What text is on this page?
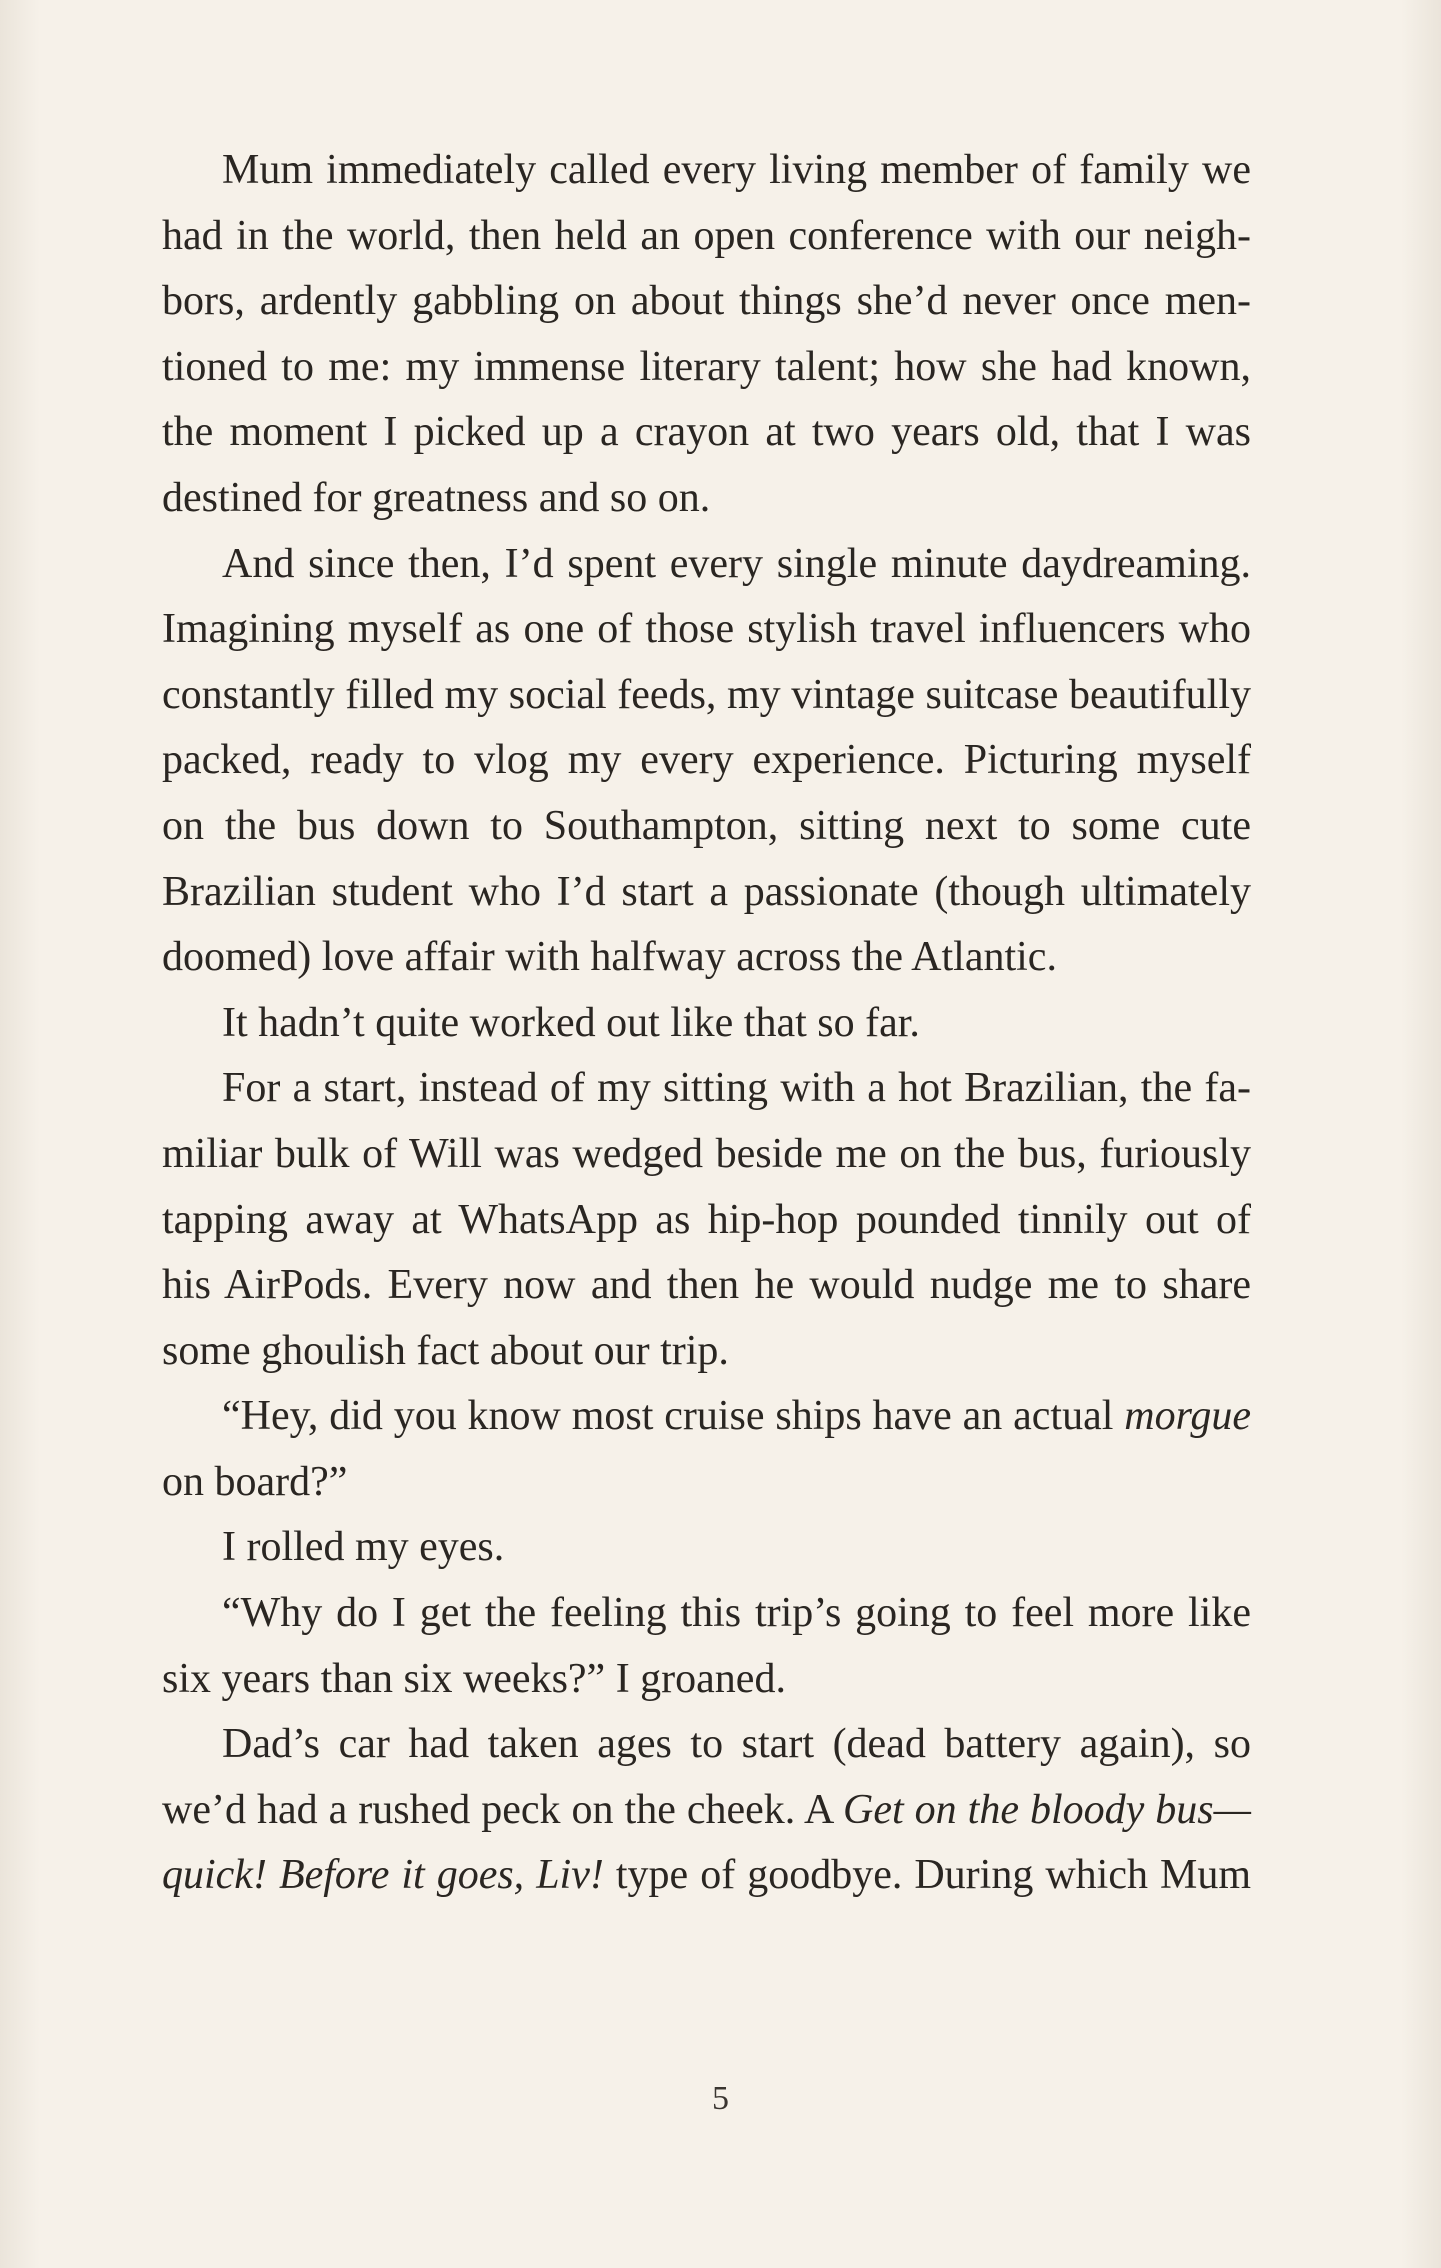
Mum immediately called every living member of family we
had in the world, then held an open conference with our neigh-
bors, ardently gabbling on about things she’d never once men-
tioned to me: my immense literary talent; how she had known,
the moment I picked up a crayon at two years old, that I was
destined for greatness and so on.
And since then, I’d spent every single minute daydreaming.
Imagining myself as one of those stylish travel influencers who
constantly filled my social feeds, my vintage suitcase beautifully
packed, ready to vlog my every experience. Picturing myself
on the bus down to Southampton, sitting next to some cute
Brazilian student who I’d start a passionate (though ultimately
doomed) love affair with halfway across the Atlantic.
It hadn’t quite worked out like that so far.
For a start, instead of my sitting with a hot Brazilian, the fa-
miliar bulk of Will was wedged beside me on the bus, furiously
tapping away at WhatsApp as hip-hop pounded tinnily out of
his AirPods. Every now and then he would nudge me to share
some ghoulish fact about our trip.
“Hey, did you know most cruise ships have an actual morgue
on board?”
I rolled my eyes.
“Why do I get the feeling this trip’s going to feel more like
six years than six weeks?” I groaned.
Dad’s car had taken ages to start (dead battery again), so
we’d had a rushed peck on the cheek. A Get on the bloody bus—
quick! Before it goes, Liv! type of goodbye. During which Mum
5
